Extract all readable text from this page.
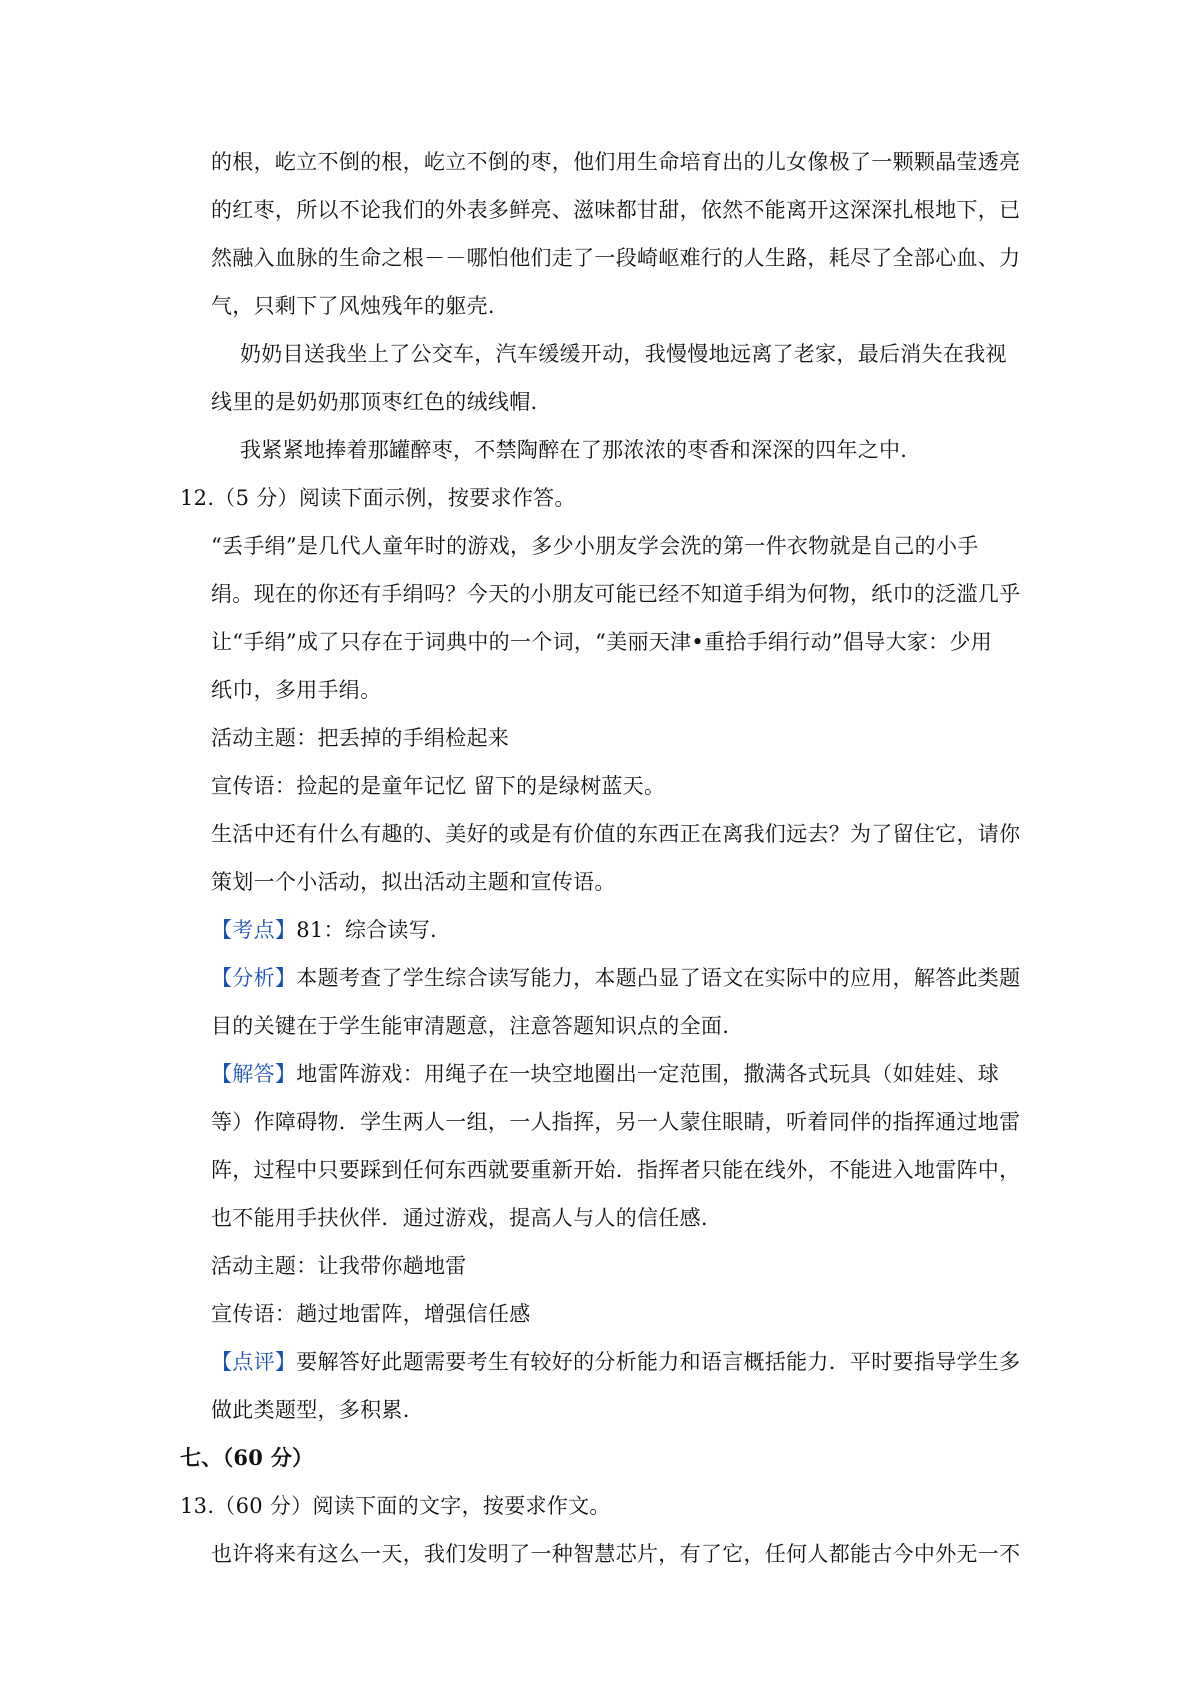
的根，屹立不倒的根，屹立不倒的枣，他们用生命培育出的儿女像极了一颗颗晶莹透亮

的红枣，所以不论我们的外表多鲜亮、滋味都甘甜，依然不能离开这深深扎根地下，已

然融入血脉的生命之根－－哪怕他们走了一段崎岖难行的人生路，耗尽了全部心血、力

气，只剩下了风烛残年的躯壳.

奶奶目送我坐上了公交车，汽车缓缓开动，我慢慢地远离了老家，最后消失在我视

线里的是奶奶那顶枣红色的绒线帽.

我紧紧地捧着那罐醉枣，不禁陶醉在了那浓浓的枣香和深深的四年之中.

12.（5 分）阅读下面示例，按要求作答。

“丢手绢”是几代人童年时的游戏，多少小朋友学会洗的第一件衣物就是自己的小手

绢。现在的你还有手绢吗？今天的小朋友可能已经不知道手绢为何物，纸巾的泛滥几乎

让“手绢”成了只存在于词典中的一个词，“美丽天津•重拾手绢行动”倡导大家：少用

纸巾，多用手绢。

活动主题：把丢掉的手绢检起来

宣传语：捡起的是童年记忆 留下的是绿树蓝天。

生活中还有什么有趣的、美好的或是有价值的东西正在离我们远去？为了留住它，请你

策划一个小活动，拟出活动主题和宣传语。

【考点】81：综合读写.

【分析】本题考查了学生综合读写能力，本题凸显了语文在实际中的应用，解答此类题

目的关键在于学生能审清题意，注意答题知识点的全面.

【解答】地雷阵游戏：用绳子在一块空地圈出一定范围，撒满各式玩具（如娃娃、球

等）作障碍物．学生两人一组，一人指挥，另一人蒙住眼睛，听着同伴的指挥通过地雷

阵，过程中只要踩到任何东西就要重新开始．指挥者只能在线外，不能进入地雷阵中，

也不能用手扶伙伴．通过游戏，提高人与人的信任感.

活动主题：让我带你趟地雷

宣传语：趟过地雷阵，增强信任感

【点评】要解答好此题需要考生有较好的分析能力和语言概括能力．平时要指导学生多

做此类题型，多积累.

七、（60 分）

13.（60 分）阅读下面的文字，按要求作文。

也许将来有这么一天，我们发明了一种智慧芯片，有了它，任何人都能古今中外无一不
